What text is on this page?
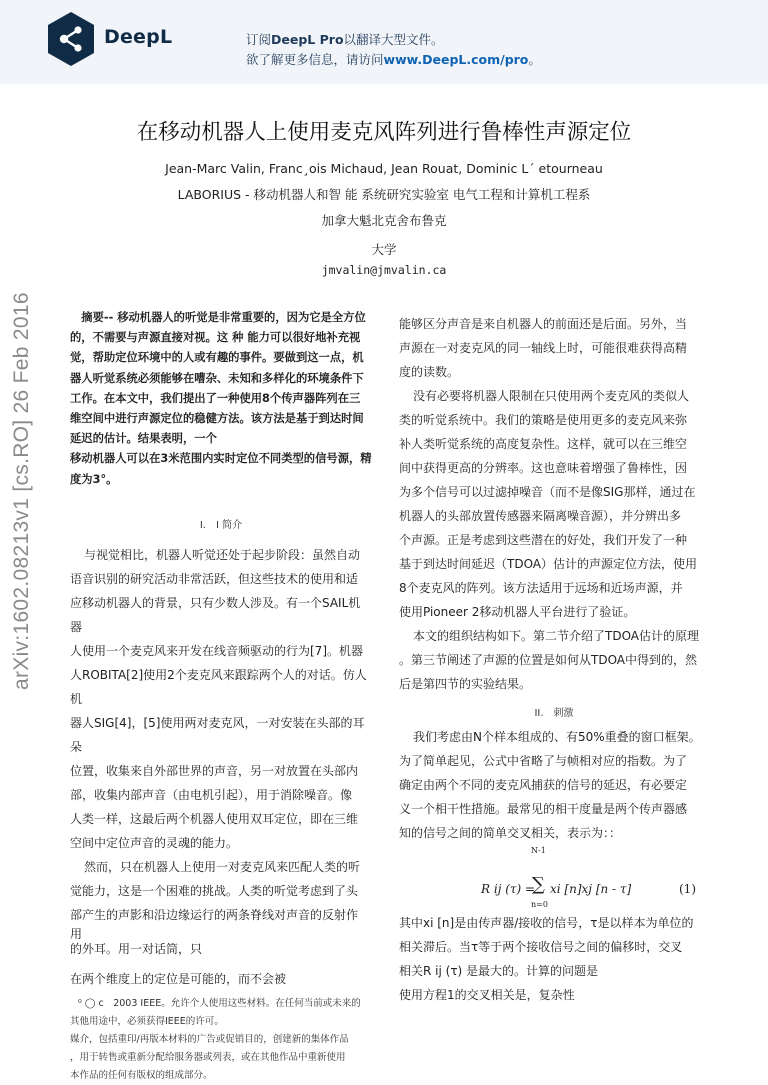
DeepL	订阅DeepL Pro以翻译大型文件。
欲了解更多信息，请访问www.DeepL.com/pro。
arXiv:1602.08213v1 [cs.RO] 26 Feb 2016
在移动机器人上使用麦克风阵列进行鲁棒性声源定位
Jean-Marc Valin, Franc¸ois Michaud, Jean Rouat, Dominic L´ etourneau
LABORIUS - 移动机器人和智 能 系统研究实验室 电气工程和计算机工程系
加拿大魁北克舍布鲁克
大学
jmvalin@jmvalin.ca
　摘要-- 移动机器人的听觉是非常重要的，因为它是全方位
的，不需要与声源直接对视。这 种 能力可以很好地补充视
觉，帮助定位环境中的人或有趣的事件。要做到这一点，机
器人听觉系统必须能够在嘈杂、未知和多样化的环境条件下
工作。在本文中，我们提出了一种使用8个传声器阵列在三
维空间中进行声源定位的稳健方法。该方法是基于到达时间
延迟的估计。结果表明，一个
移动机器人可以在3米范围内实时定位不同类型的信号源，精
度为3°。
I.　I 简介
与视觉相比，机器人听觉还处于起步阶段：虽然自动
语音识别的研究活动非常活跃，但这些技术的使用和适
应移动机器人的背景，只有少数人涉及。有一个SAIL机器
人使用一个麦克风来开发在线音频驱动的行为[7]。机器
人ROBITA[2]使用2个麦克风来跟踪两个人的对话。仿人机
器人SIG[4]，[5]使用两对麦克风，一对安装在头部的耳朵
位置，收集来自外部世界的声音，另一对放置在头部内
部，收集内部声音（由电机引起），用于消除噪音。像
人类一样，这最后两个机器人使用双耳定位，即在三维
空间中定位声音的灵魂的能力。
然而，只在机器人上使用一对麦克风来匹配人类的听
觉能力，这是一个困难的挑战。人类的听觉考虑到了头
部产生的声影和沿边缘运行的两条脊线对声音的反射作
用
的外耳。用一对话筒，只
在两个维度上的定位是可能的，而不会被
⁰ ◯ c　2003 IEEE。允许个人使用这些材料。在任何当前或未来的
其他用途中，必须获得IEEE的许可。
媒介，包括重印/再版本材料的广告或促销目的，创建新的集体作品
，用于转售或重新分配给服务器或列表，或在其他作品中重新使用
本作品的任何有版权的组成部分。
能够区分声音是来自机器人的前面还是后面。另外，当
声源在一对麦克风的同一轴线上时，可能很难获得高精
度的读数。
没有必要将机器人限制在只使用两个麦克风的类似人
类的听觉系统中。我们的策略是使用更多的麦克风来弥
补人类听觉系统的高度复杂性。这样，就可以在三维空
间中获得更高的分辨率。这也意味着增强了鲁棒性，因
为多个信号可以过滤掉噪音（而不是像SIG那样，通过在
机器人的头部放置传感器来隔离噪音源），并分辨出多
个声源。正是考虑到这些潜在的好处，我们开发了一种
基于到达时间延迟（TDOA）估计的声源定位方法，使用
8个麦克风的阵列。该方法适用于远场和近场声源，并
使用Pioneer 2移动机器人平台进行了验证。
本文的组织结构如下。第二节介绍了TDOA估计的原理
。第三节阐述了声源的位置是如何从TDOA中得到的，然
后是第四节的实验结果。
II.　刺激
我们考虑由N个样本组成的、有50%重叠的窗口框架。
为了简单起见，公式中省略了与帧相对应的指数。为了
确定由两个不同的麦克风捕获的信号的延迟，有必要定
义一个相干性措施。最常见的相干度量是两个传声器感
知的信号之间的简单交叉相关，表示为：：
N-1
R ij (τ) =
∑ xi [n]xj [n - τ]
n=0
(1)
其中xi [n]是由传声器/接收的信号，τ是以样本为单位的
相关滞后。当τ等于两个接收信号之间的偏移时，交叉
相关R ij (τ) 是最大的。计算的问题是
使用方程1的交叉相关是，复杂性
